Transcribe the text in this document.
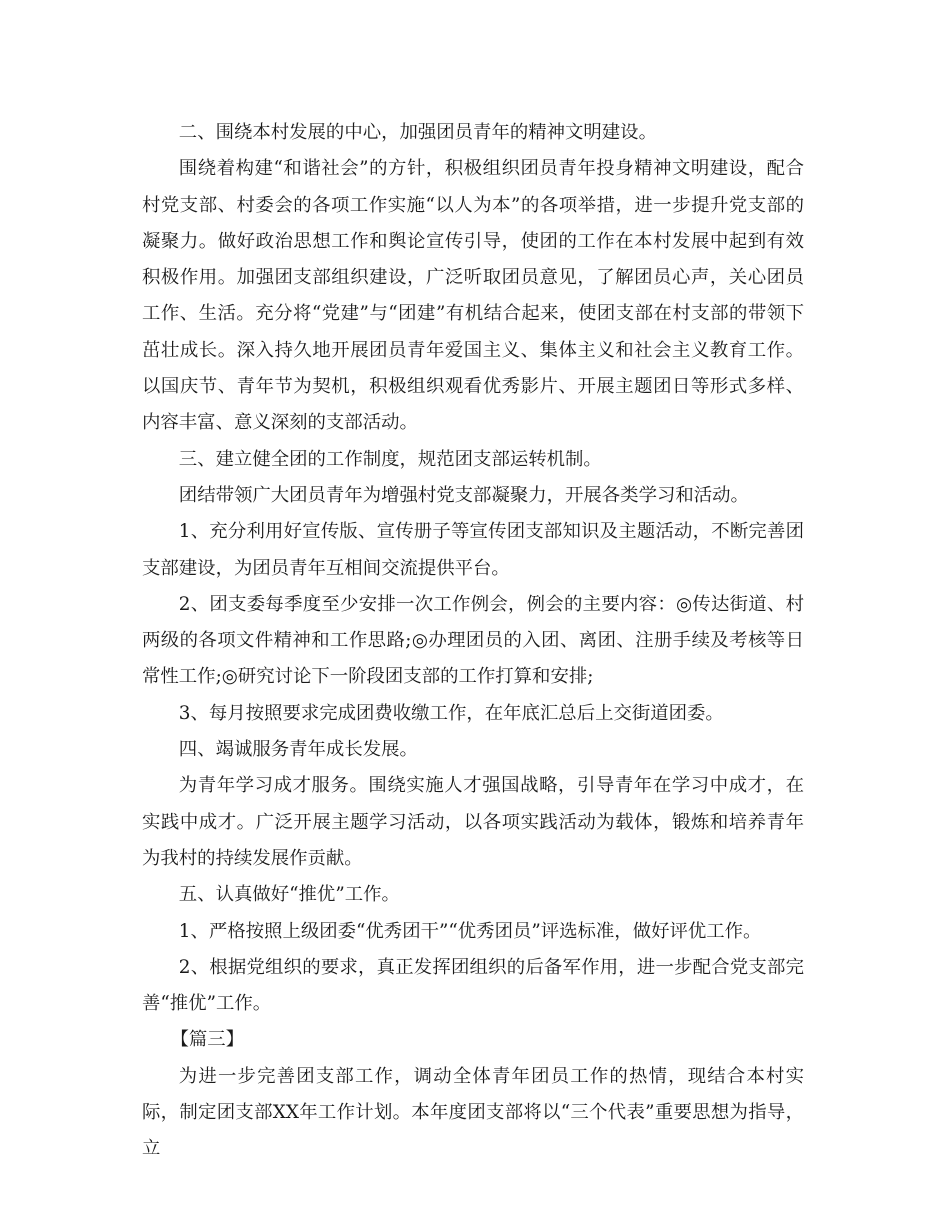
二、围绕本村发展的中心，加强团员青年的精神文明建设。

围绕着构建“和谐社会”的方针，积极组织团员青年投身精神文明建设，配合村党支部、村委会的各项工作实施“以人为本”的各项举措，进一步提升党支部的凝聚力。做好政治思想工作和舆论宣传引导，使团的工作在本村发展中起到有效积极作用。加强团支部组织建设，广泛听取团员意见，了解团员心声，关心团员工作、生活。充分将“党建”与“团建”有机结合起来，使团支部在村支部的带领下茁壮成长。深入持久地开展团员青年爱国主义、集体主义和社会主义教育工作。以国庆节、青年节为契机，积极组织观看优秀影片、开展主题团日等形式多样、内容丰富、意义深刻的支部活动。

三、建立健全团的工作制度，规范团支部运转机制。

团结带领广大团员青年为增强村党支部凝聚力，开展各类学习和活动。

1、充分利用好宣传版、宣传册子等宣传团支部知识及主题活动，不断完善团支部建设，为团员青年互相间交流提供平台。

2、团支委每季度至少安排一次工作例会，例会的主要内容：◎传达街道、村两级的各项文件精神和工作思路;◎办理团员的入团、离团、注册手续及考核等日常性工作;◎研究讨论下一阶段团支部的工作打算和安排;

3、每月按照要求完成团费收缴工作，在年底汇总后上交街道团委。

四、竭诚服务青年成长发展。

为青年学习成才服务。围绕实施人才强国战略，引导青年在学习中成才，在实践中成才。广泛开展主题学习活动，以各项实践活动为载体，锻炼和培养青年为我村的持续发展作贡献。

五、认真做好“推优”工作。

1、严格按照上级团委“优秀团干”“优秀团员”评选标准，做好评优工作。

2、根据党组织的要求，真正发挥团组织的后备军作用，进一步配合党支部完善“推优”工作。

【篇三】

为进一步完善团支部工作，调动全体青年团员工作的热情，现结合本村实际，制定团支部XX年工作计划。本年度团支部将以“三个代表”重要思想为指导，立
